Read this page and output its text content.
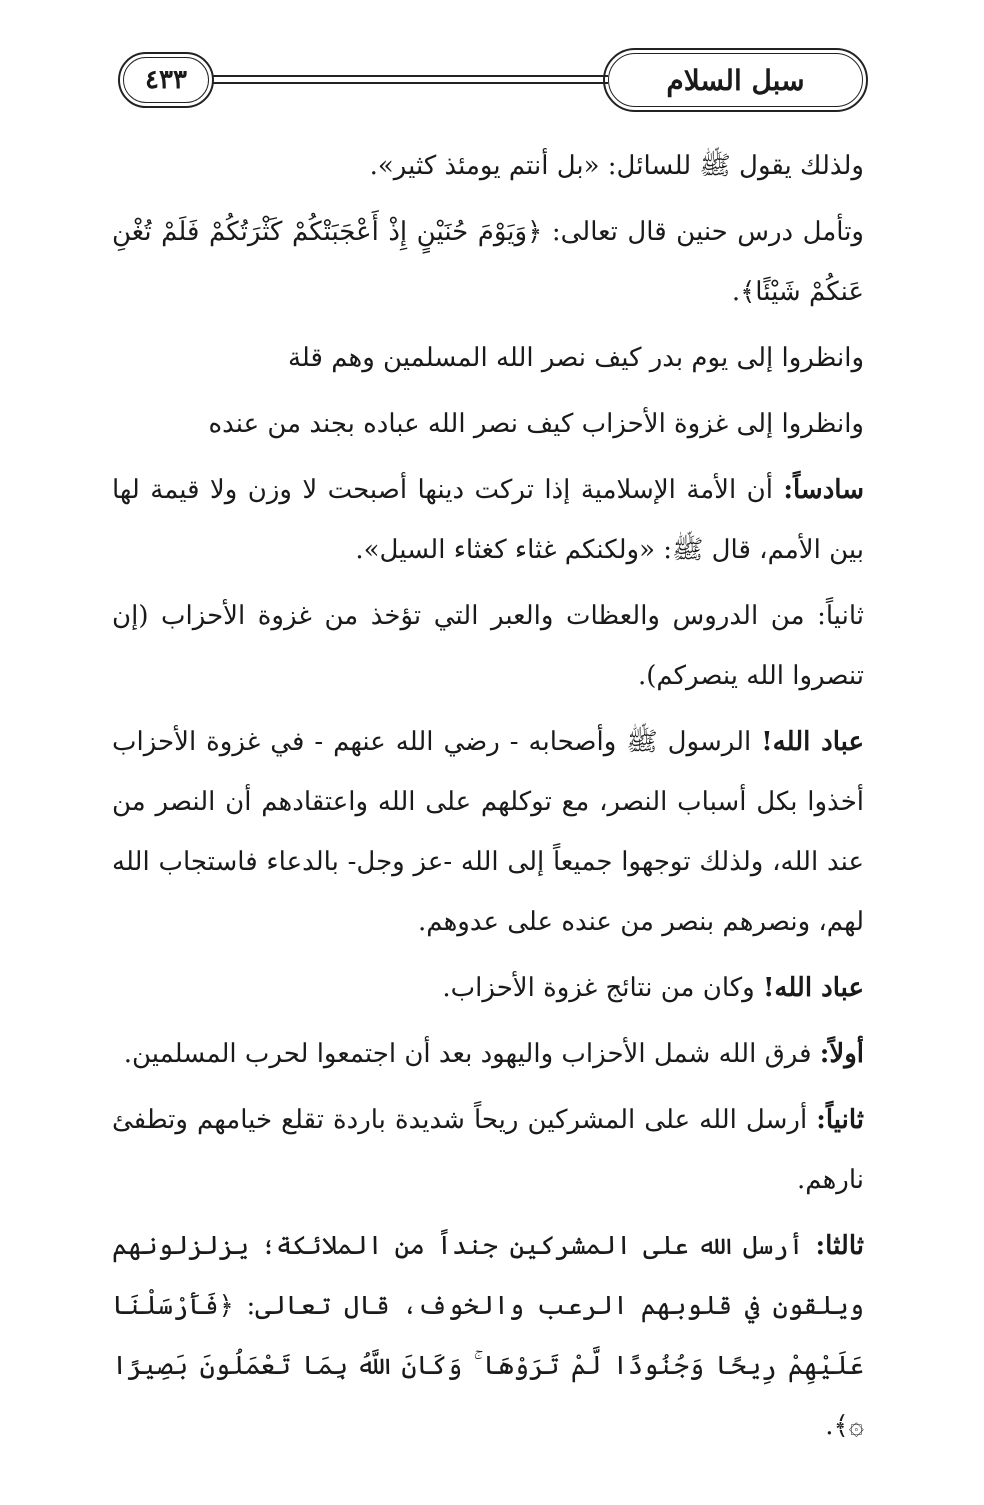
سبل السلام
٤٣٣

ولذلك يقول ﷺ للسائل: «بل أنتم يومئذ كثير».

وتأمل درس حنين قال تعالى: ﴿وَيَوْمَ حُنَيْنٍ إِذْ أَعْجَبَتْكُمْ كَثْرَتُكُمْ فَلَمْ تُغْنِ عَنكُمْ شَيْئًا﴾.

وانظروا إلى يوم بدر كيف نصر الله المسلمين وهم قلة

وانظروا إلى غزوة الأحزاب كيف نصر الله عباده بجند من عنده

سادساً: أن الأمة الإسلامية إذا تركت دينها أصبحت لا وزن ولا قيمة لها بين الأمم، قال ﷺ: «ولكنكم غثاء كغثاء السيل».

ثانياً: من الدروس والعظات والعبر التي تؤخذ من غزوة الأحزاب (إن تنصروا الله ينصركم).

عباد الله! الرسول ﷺ وأصحابه - رضي الله عنهم - في غزوة الأحزاب أخذوا بكل أسباب النصر، مع توكلهم على الله واعتقادهم أن النصر من عند الله، ولذلك توجهوا جميعاً إلى الله -عز وجل- بالدعاء فاستجاب الله لهم، ونصرهم بنصر من عنده على عدوهم.

عباد الله! وكان من نتائج غزوة الأحزاب.

أولاً: فرق الله شمل الأحزاب واليهود بعد أن اجتمعوا لحرب المسلمين.

ثانياً: أرسل الله على المشركين ريحاً شديدة باردة تقلع خيامهم وتطفئ نارهم.

ثالثا: أرسل الله على المشركين جنداً من الملائكة؛ يزلزلونهم ويلقون في قلوبهم الرعب والخوف، قال تعالى: ﴿فَأَرْسَلْنَا عَلَيْهِمْ رِيحًا وَجُنُودًا لَّمْ تَرَوْهَا ۚ وَكَانَ اللَّهُ بِمَا تَعْمَلُونَ بَصِيرًا ۞﴾.
